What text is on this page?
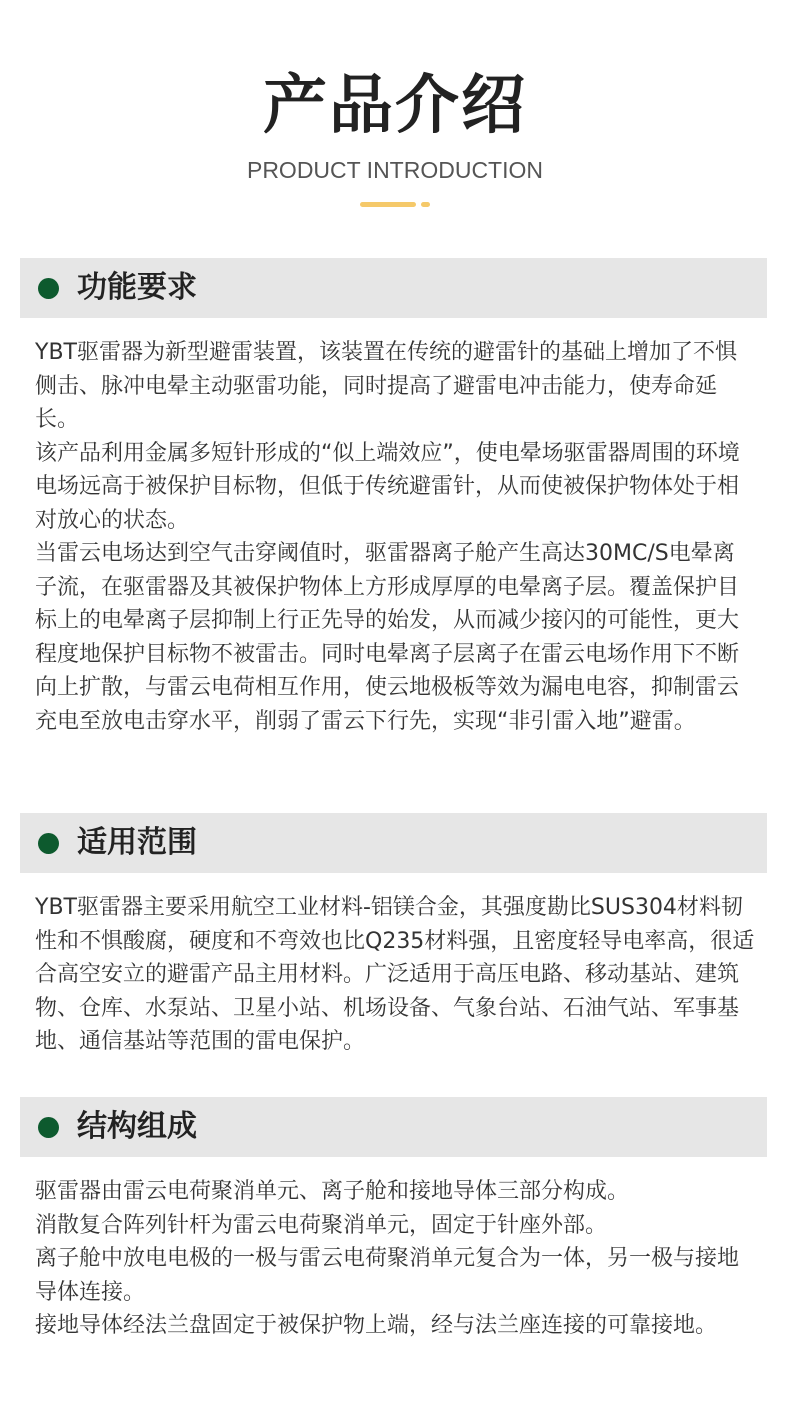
产品介绍
PRODUCT INTRODUCTION
功能要求

YBT驱雷器为新型避雷装置，该装置在传统的避雷针的基础上增加了不惧侧击、脉冲电晕主动驱雷功能，同时提高了避雷电冲击能力，使寿命延长。

该产品利用金属多短针形成的“似上端效应”，使电晕场驱雷器周围的环境电场远高于被保护目标物，但低于传统避雷针，从而使被保护物体处于相对放心的状态。

当雷云电场达到空气击穿阈值时，驱雷器离子舱产生高达30MC/S电晕离子流，在驱雷器及其被保护物体上方形成厚厚的电晕离子层。覆盖保护目标上的电晕离子层抑制上行正先导的始发，从而减少接闪的可能性，更大程度地保护目标物不被雷击。同时电晕离子层离子在雷云电场作用下不断向上扩散，与雷云电荷相互作用，使云地极板等效为漏电电容，抑制雷云充电至放电击穿水平，削弱了雷云下行先，实现“非引雷入地”避雷。

适用范围

YBT驱雷器主要采用航空工业材料-铝镁合金，其强度勘比SUS304材料韧性和不惧酸腐，硬度和不弯效也比Q235材料强，且密度轻导电率高，很适合高空安立的避雷产品主用材料。广泛适用于高压电路、移动基站、建筑物、仓库、水泵站、卫星小站、机场设备、气象台站、石油气站、军事基地、通信基站等范围的雷电保护。

结构组成

驱雷器由雷云电荷聚消单元、离子舱和接地导体三部分构成。

消散复合阵列针杆为雷云电荷聚消单元，固定于针座外部。

离子舱中放电电极的一极与雷云电荷聚消单元复合为一体，另一极与接地导体连接。

接地导体经法兰盘固定于被保护物上端，经与法兰座连接的可靠接地。
